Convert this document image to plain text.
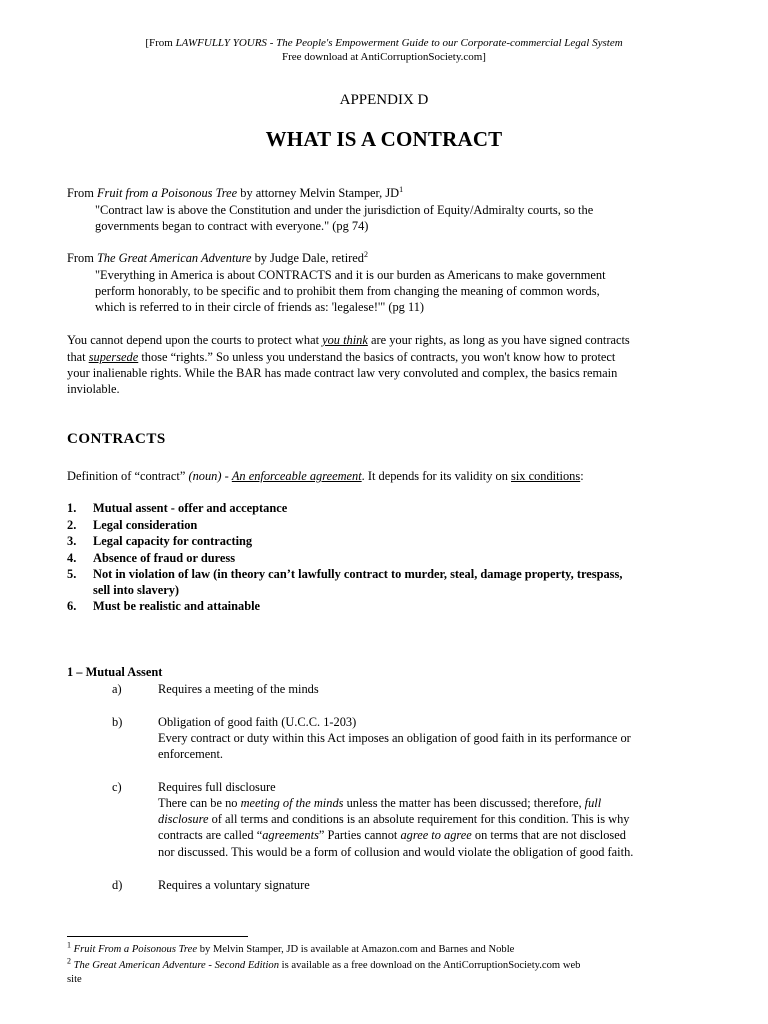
[From LAWFULLY YOURS - The People's Empowerment Guide to our Corporate-commercial Legal System
Free download at AntiCorruptionSociety.com]
APPENDIX D
WHAT IS A CONTRACT
From Fruit from a Poisonous Tree by attorney Melvin Stamper, $JD^1$
"Contract law is above the Constitution and under the jurisdiction of Equity/Admiralty courts, so the
governments began to contract with everyone." (pg 74)
From The Great American Adventure by Judge Dale, retired$^2$
"Everything in America is about CONTRACTS and it is our burden as Americans to make government
perform honorably, to be specific and to prohibit them from changing the meaning of common words,
which is referred to in their circle of friends as: 'legalese!'" (pg 11)
You cannot depend upon the courts to protect what you think are your rights, as long as you have signed contracts
that supersede those “rights.” So unless you understand the basics of contracts, you won't know how to protect
your inalienable rights. While the BAR has made contract law very convoluted and complex, the basics remain
inviolable.
CONTRACTS
Definition of “contract” (noun) - An enforceable agreement. It depends for its validity on six conditions:
1. Mutual assent - offer and acceptance
2. Legal consideration
3. Legal capacity for contracting
4. Absence of fraud or duress
5. Not in violation of law (in theory can’t lawfully contract to murder, steal, damage property, trespass,
sell into slavery)
6. Must be realistic and attainable
1 – Mutual Assent
a)	Requires a meeting of the minds
b)	Obligation of good faith (U.C.C. 1-203)
Every contract or duty within this Act imposes an obligation of good faith in its performance or
enforcement.
c)	Requires full disclosure
There can be no meeting of the minds unless the matter has been discussed; therefore, full
disclosure of all terms and conditions is an absolute requirement for this condition. This is why
contracts are called “agreements” Parties cannot agree to agree on terms that are not disclosed
nor discussed. This would be a form of collusion and would violate the obligation of good faith.
d)	Requires a voluntary signature
$^1$ Fruit From a Poisonous Tree by Melvin Stamper, JD is available at Amazon.com and Barnes and Noble
$^2$ The Great American Adventure - Second Edition is available as a free download on the AntiCorruptionSociety.com web
site
